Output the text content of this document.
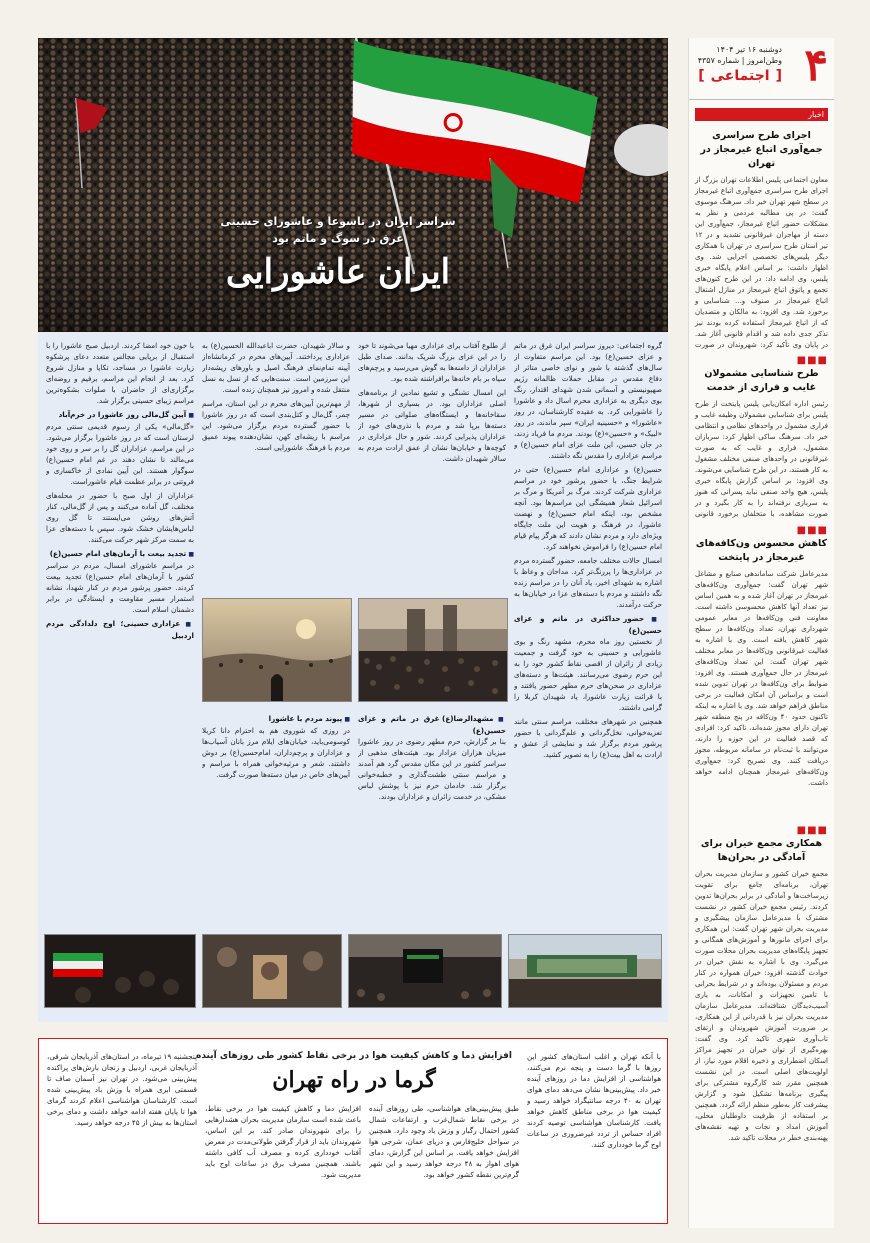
۴
دوشنبه ۱۶ تیر ۱۴۰۴
وطن‌امروز | شماره ۴۳۵۷
[ اجتماعی ]
اخبار
اجرای طرح سراسری جمع‌آوری اتباع غیرمجاز در تهران
معاون اجتماعی پلیس اطلاعات تهران بزرگ از اجرای طرح سراسری جمع‌آوری اتباع غیرمجاز در سطح شهر تهران خبر داد. سرهنگ موسوی گفت: در پی مطالبه مردمی و نظر به مشکلات حضور اتباع غیرمجاز، جمع‌آوری این دسته از مهاجران غیرقانونی تشدید و در ۱۲ تیر استان طرح سراسری در تهران با همکاری دیگر پلیس‌های تخصصی اجرایی شد. وی اظهار داشت: بر اساس اعلام پایگاه خبری پلیس، وی ادامه داد: در این طرح کنون‌های تجمع و پاتوق اتباع غیرمجاز در منازل اشتغال اتباع غیرمجاز در صنوف و... شناسایی و برخورد شد. وی افزود: به مالکان و متصدیان که از اتباع غیرمجاز استفاده کرده بودند نیز تذکر جدی داده شد و اقدام قانونی آغاز شد. در پایان وی تأکید کرد: شهروندان در صورت
■■■
طرح شناسایی مشمولان غایب و فراری از خدمت
رئیس اداره امکان‌یابی پلیس پایتخت از طرح پلیس برای شناسایی مشمولان وظیفه غایب و فراری مشمول در واحدهای نظامی و انتظامی خبر داد. سرهنگ ساکی اظهار کرد: سربازان مشمول، فراری و غایب که به صورت غیرقانونی در واحدهای صنفی مختلف مشغول به کار هستند، در این طرح شناسایی می‌شوند. وی افزود: بر اساس گزارش پایگاه خبری پلیس، هیچ واحد صنفی نباید پسرانی که هنوز به سربازی نرفته‌اند را به کار بگیرد و در صورت مشاهده، با متخلفان برخورد قانونی
■■■
کاهش محسوس ون‌کافه‌های غیرمجاز در پایتخت
مدیرعامل شرکت ساماندهی صنایع و مشاغل شهر تهران گفت: جمع‌آوری ون‌کافه‌های غیرمجاز در تهران آغاز شده و به همین اساس نیز تعداد آنها کاهش محسوسی داشته است. معاونت فنی ون‌کافه‌ها در معابر عمومی شهرداری تهران، تعداد ون‌کافه‌ها در سطح شهر کاهش یافته است. وی با اشاره به فعالیت غیرقانونی ون‌کافه‌ها در معابر مختلف شهر تهران گفت: این تعداد ون‌کافه‌های غیرمجاز در حال جمع‌آوری هستند. وی افزود: ضوابط برای ون‌کافه‌ها در تهران تدوین شده است و براساس آن امکان فعالیت در برخی مناطق فراهم خواهد شد. وی با اشاره به اینکه تاکنون حدود ۴۰ ون‌کافه در پنج منطقه شهر تهران دارای مجوز شده‌اند، تاکید کرد: افرادی که قصد فعالیت در این حوزه را دارند، می‌توانند با ثبت‌نام در سامانه مربوطه، مجوز دریافت کنند. وی تصریح کرد: جمع‌آوری ون‌کافه‌های غیرمجاز همچنان ادامه خواهد داشت.
■■■
همکاری مجمع خیران برای آمادگی در بحران‌ها
مجمع خیران کشور و سازمان مدیریت بحران تهران، برنامه‌ای جامع برای تقویت زیرساخت‌ها و آمادگی در برابر بحران‌ها تدوین کردند. رئیس مجمع خیران کشور در نشست مشترک با مدیرعامل سازمان پیشگیری و مدیریت بحران شهر تهران گفت: این همکاری برای اجرای مانورها و آموزش‌های همگانی و تجهیز پایگاه‌های مدیریت بحران محلات صورت می‌گیرد. وی با اشاره به نقش خیران در حوادث گذشته افزود: خیران همواره در کنار مردم و مسئولان بوده‌اند و در شرایط بحرانی با تامین تجهیزات و امکانات، به یاری آسیب‌دیدگان شتافته‌اند. مدیرعامل سازمان مدیریت بحران نیز با قدردانی از این همکاری، بر ضرورت آموزش شهروندان و ارتقای تاب‌آوری شهری تاکید کرد. وی گفت: بهره‌گیری از توان خیران در تجهیز مراکز اسکان اضطراری و ذخیره اقلام مورد نیاز، از اولویت‌های اصلی است. در این نشست همچنین مقرر شد کارگروه مشترکی برای پیگیری برنامه‌ها تشکیل شود و گزارش پیشرفت کار به‌طور منظم ارائه گردد. همچنین بر استفاده از ظرفیت داوطلبان محلی، آموزش امداد و نجات و تهیه نقشه‌های پهنه‌بندی خطر در محلات تاکید شد.
سراسر ایران در تاسوعا و عاشورای حسینی
غرق در سوگ و ماتم بود
ایران عاشورایی

گروه اجتماعی: دیروز سراسر ایران غرق در ماتم و عزای حسین(ع) بود. این مراسم متفاوت از سال‌های گذشته با شور و نوای خاصی متاثر از دفاع مقدس در مقابل حملات ظالمانه رژیم صهیونیستی و آسمانی شدن شهدای اقتدار، رنگ بوی دیگری به عزاداری محرم اسال داد و عاشورا را عاشورایی کرد. به عقیده کارشناسان، در روز «عاشورا» و «حسینیه ایران» سپر ماندند، در روز «لبیک» و «حسین»(ع) بودند. مردم ما فریاد زدند، در جان حسین، این ملت عزای امام حسین(ع) و مراسم عزاداری را مقدس نگه داشتند.

حسین(ع) و عزاداری امام حسین(ع) حتی در شرایط جنگ، با حضور پرشور خود در مراسم عزاداری شرکت کردند. مرگ بر آمریکا و مرگ بر اسرائیل شعار همیشگی این مراسم‌ها بود. آنچه مشخص بود، اینکه امام حسین(ع) و نهضت عاشورا، در فرهنگ و هویت این ملت جایگاه ویژه‌ای دارد و مردم نشان دادند که هرگز پیام قیام امام حسین(ع) را فراموش نخواهند کرد.

امسال حالات مختلف جامعه، حضور گسترده مردم در عزاداری‌ها را پررنگ‌تر کرد. مداحان و وعاظ با اشاره به شهدای اخیر، یاد آنان را در مراسم زنده نگه داشتند و مردم با دسته‌های عزا در خیابان‌ها به حرکت درآمدند.

■ حضور حداکثری در ماتم و عزای حسین(ع)

از نخستین روز ماه محرم، مشهد رنگ و بوی عاشورایی و حسینی به خود گرفت و جمعیت زیادی از زائران از اقصی نقاط کشور خود را به این حرم رضوی می‌رسانند. هیئت‌ها و دسته‌های عزاداری در صحن‌های حرم مطهر حضور یافتند و با قرائت زیارت عاشورا، یاد شهیدان کربلا را گرامی داشتند.

همچنین در شهرهای مختلف، مراسم سنتی مانند تعزیه‌خوانی، نخل‌گردانی و علم‌گردانی با حضور پرشور مردم برگزار شد و نمایشی از عشق و ارادت به اهل بیت(ع) را به تصویر کشید.

از طلوع آفتاب برای عزاداری مهیا می‌شوند تا خود را در این عزای بزرگ شریک بدانند. صدای طبل عزاداران از دامنه‌ها به گوش می‌رسید و پرچم‌های سیاه بر بام خانه‌ها برافراشته شده بود.

این امسال تشنگی و تشیع نمادین از برنامه‌های اصلی عزاداران بود. در بسیاری از شهرها، سقاخانه‌ها و ایستگاه‌های صلواتی در مسیر دسته‌ها برپا شد و مردم با نذری‌های خود از عزاداران پذیرایی کردند. شور و حال عزاداری در کوچه‌ها و خیابان‌ها نشان از عمق ارادت مردم به سالار شهیدان داشت.

و سالار شهیدان، حضرت اباعبدالله الحسین(ع) به عزاداری پرداختند. آیین‌های محرم در کرمانشاه‌از آیینه تمام‌نمای فرهنگ اصیل و باورهای ریشه‌دار این سرزمین است. سنت‌هایی که از نسل به نسل منتقل شده و امروز نیز همچنان زنده است.

از مهم‌ترین آیین‌های محرم در این استان، مراسم چمر، گل‌مال و کتل‌بندی است که در روز عاشورا با حضور گسترده مردم برگزار می‌شود. این مراسم با ریشه‌ای کهن، نشان‌دهنده پیوند عمیق مردم با فرهنگ عاشورایی است.

با خون خود امضا کردند. اردبیل صبح عاشورا را با استقبال از برپایی مجالس متعدد دعای پرشکوه زیارت عاشورا در مساجد، تکایا و منازل شروع کرد. بعد از انجام این مراسم، برفیم و روضه‌ای برگزاری‌ای از حاضران با صلوات بشکوه‌ترین مراسم زیبای حسینی برگزار شد.

■ آیین گل‌مالی روز عاشورا در خرم‌آباد

«گل‌مالی» یکی از رسوم قدیمی سنتی مردم لرستان است که در روز عاشورا برگزار می‌شود. در این مراسم، عزاداران گل را بر سر و روی خود می‌مالند تا نشان دهند در غم امام حسین(ع) سوگوار هستند. این آیین نمادی از خاکساری و فروتنی در برابر عظمت قیام عاشوراست.

عزاداران از اول صبح با حضور در محله‌های مختلف، گل آماده می‌کنند و پس از گل‌مالی، کنار آتش‌های روشن می‌ایستند تا گل روی لباس‌هایشان خشک شود. سپس با دسته‌های عزا به سمت مرکز شهر حرکت می‌کنند.

■ تجدید بیعت با آرمان‌های امام حسین(ع)

در مراسم عاشورای امسال، مردم در سراسر کشور با آرمان‌های امام حسین(ع) تجدید بیعت کردند. حضور پرشور مردم در کنار شهدا، نشانه استمرار مسیر مقاومت و ایستادگی در برابر دشمنان اسلام است.

■ عزاداری حسینی؛ اوج دلدادگی مردم اردبیل
■ مشهدالرضا(ع) غرق در ماتم و عزای حسین(ع)

بنا بر گزارش، حرم مطهر رضوی در روز عاشورا میزبان هزاران عزادار بود. هیئت‌های مذهبی از سراسر کشور در این مکان مقدس گرد هم آمدند و مراسم سنتی طشت‌گذاری و خطبه‌خوانی برگزار شد. خادمان حرم نیز با پوشش لباس مشکی، در خدمت زائران و عزاداران بودند.

■ پیوند مردم با عاشورا

در روزی که شوروی هم به احترام دانا کربلا کوسو‌می‌باید، خیابان‌های ایلام مرز بانان آسیاب‌ها و عزاداران و پرچم‌داران، امام‌حسین(ع) بر دوش داشتند. شعر و مرثیه‌خوانی همراه با مراسم و آیین‌های خاص در میان دسته‌ها صورت گرفت.

افزایش دما و کاهش کیفیت هوا در برخی نقاط کشور طی روزهای آینده
گرما در راه تهران
با آنکه تهران و اغلب استان‌های کشور این روزها با گرما دست و پنجه نرم می‌کنند، هواشناسی از افزایش دما در روزهای آینده خبر داد. پیش‌بینی‌ها نشان می‌دهد دمای هوای تهران به ۴۰ درجه سانتیگراد خواهد رسید و کیفیت هوا در برخی مناطق کاهش خواهد یافت. کارشناسان هواشناسی توصیه کردند افراد حساس از تردد غیرضروری در ساعات اوج گرما خودداری کنند.
طبق پیش‌بینی‌های هواشناسی، طی روزهای آینده در برخی نقاط شمال‌غرب و ارتفاعات شمال کشور احتمال رگبار و وزش باد وجود دارد. همچنین در سواحل خلیج‌فارس و دریای عمان، شرجی هوا افزایش خواهد یافت. بر اساس این گزارش، دمای هوای اهواز به ۴۸ درجه خواهد رسید و این شهر گرم‌ترین نقطه کشور خواهد بود.
افزایش دما و کاهش کیفیت هوا در برخی نقاط، باعث شده است سازمان مدیریت بحران هشدارهایی را برای شهروندان صادر کند. بر این اساس، شهروندان باید از قرار گرفتن طولانی‌مدت در معرض آفتاب خودداری کرده و مصرف آب کافی داشته باشند. همچنین مصرف برق در ساعات اوج باید مدیریت شود.
پنجشنبه ۱۹ تیرماه، در استان‌های آذربایجان شرقی، آذربایجان غربی، اردبیل و زنجان بارش‌های پراکنده پیش‌بینی می‌شود. در تهران نیز آسمان صاف تا قسمتی ابری همراه با وزش باد پیش‌بینی شده است. کارشناسان هواشناسی اعلام کردند گرمای هوا تا پایان هفته ادامه خواهد داشت و دمای برخی استان‌ها به بیش از ۴۵ درجه خواهد رسید.
